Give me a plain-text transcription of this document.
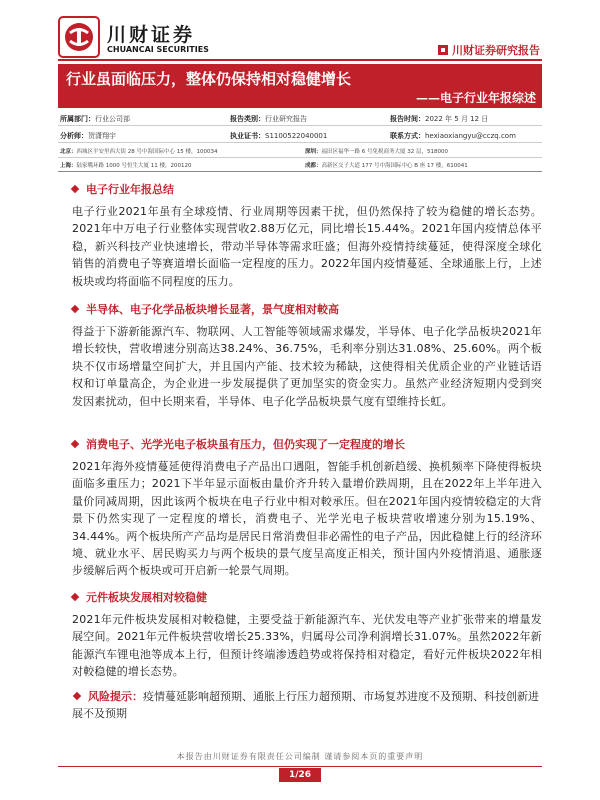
川财证券
CHUANCAI SECURITIES	川财证券研究报告
行业虽面临压力，整体仍保持相对稳健增长
——电子行业年报综述
所属部门：行业公司部	报告类别：行业研究报告	报告时间：2022 年 5 月 12 日
分析师：贺潇翔宇	执业证书：S1100522040001	联系方式：hexiaoxiangyu@cczq.com
北京：西城区平安里西大街 28 号中海国际中心 15 楼，100034	深圳：福田区福华一路 6 号免税商务大厦 32 层，518000
上海：陆家嘴环路 1000 号恒生大厦 11 楼，200120	成都：高新区交子大道 177 号中海国际中心 B 座 17 楼，610041
电子行业年报总结
电子行业2021年虽有全球疫情、行业周期等因素干扰，但仍然保持了较为稳健的增长态势。2021年中万电子行业整体实现营收2.88万亿元，同比增长15.44%。2021年国内疫情总体平稳，新兴科技产业快速增长，带动半导体等需求旺盛；但海外疫情持续蔓延，使得深度全球化销售的消费电子等赛道增长面临一定程度的压力。2022年国内疫情蔓延、全球通胀上行，上述板块或均将面临不同程度的压力。
半导体、电子化学品板块增长显著，景气度相对較高
得益于下游新能源汽车、物联网、人工智能等领域需求爆发，半导体、电子化学品板块2021年增长较快，营收增速分别高达38.24%、36.75%，毛利率分别达31.08%、25.60%。两个板块不仅市场增量空间扩大，并且国内产能、技术较为稀缺，这使得相关优质企业的产业链话语权和订单量高企，为企业进一步发展提供了更加坚实的资金实力。虽然产业经济短期内受到突发因素扰动，但中长期来看，半导体、电子化学品板块景气度有望维持长虹。
消费电子、光学光电子板块虽有压力，但仍实现了一定程度的增长
2021年海外疫情蔓延使得消费电子产品出口遇阻，智能手机创新趋缓、换机频率下降使得板块面临多重压力；2021下半年显示面板由量价齐升转入量增价跌周期，且在2022年上半年进入量价同减周期，因此该两个板块在电子行业中相对較承压。但在2021年国内疫情较稳定的大背景下仍然实现了一定程度的增长，消费电子、光学光电子板块营收增速分别为15.19%、34.44%。两个板块所产产品均是居民日常消费但非必需性的电子产品，因此稳健上行的经济环境、就业水平、居民购买力与两个板块的景气度呈高度正相关，预计国内外疫情消退、通胀逐步缓解后两个板块或可开启新一轮景气周期。
元件板块发展相对较稳健
2021年元件板块发展相对較稳健，主要受益于新能源汽车、光伏发电等产业扩张带来的增量发展空间。2021年元件板块营收增长25.33%，归属母公司净利润增长31.07%。虽然2022年新能源汽车锂电池等成本上行，但预计终端渗透趋势或将保持相对稳定，看好元件板块2022年相对較稳健的增长态势。
风险提示：疫情蔓延影响超预期、通胀上行压力超预期、市场复苏进度不及预期、科技创新进展不及预期
本报告由川财证券有限责任公司编制 谨请参阅本页的重要声明
1/26
